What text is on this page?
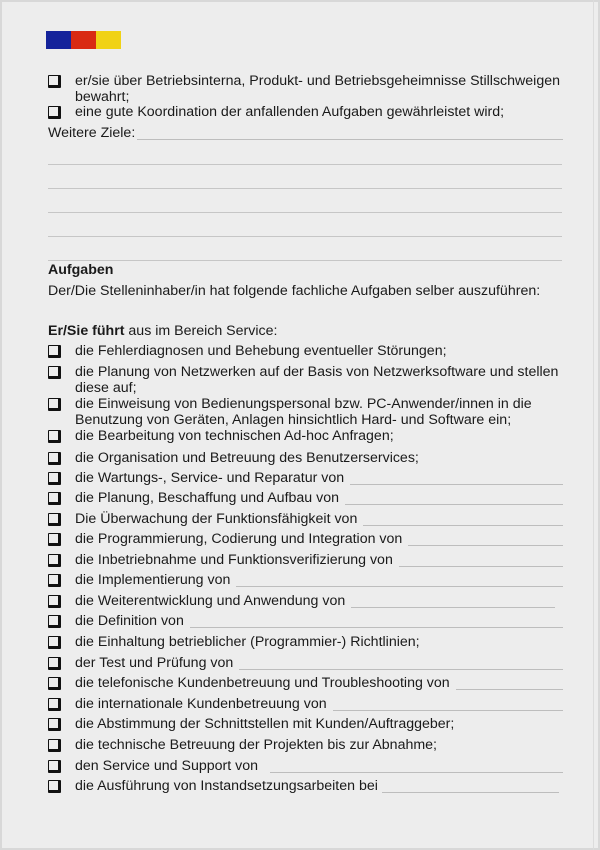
er/sie über Betriebsinterna, Produkt- und Betriebsgeheimnisse Stillschweigen
bewahrt;
eine gute Koordination der anfallenden Aufgaben gewährleistet wird;
Weitere Ziele:
Aufgaben
Der/Die Stelleninhaber/in hat folgende fachliche Aufgaben selber auszuführen:
Er/Sie führt aus im Bereich Service:
die Fehlerdiagnosen und Behebung eventueller Störungen;
die Planung von Netzwerken auf der Basis von Netzwerksoftware und stellen
diese auf;
die Einweisung von Bedienungspersonal bzw. PC-Anwender/innen in die
Benutzung von Geräten, Anlagen hinsichtlich Hard- und Software ein;
die Bearbeitung von technischen Ad-hoc Anfragen;
die Organisation und Betreuung des Benutzerservices;
die Wartungs-, Service- und Reparatur von
die Planung, Beschaffung und Aufbau von
Die Überwachung der Funktionsfähigkeit von
die Programmierung, Codierung und Integration von
die Inbetriebnahme und Funktionsverifizierung von
die Implementierung von
die Weiterentwicklung und Anwendung von
die Definition von
die Einhaltung betrieblicher (Programmier-) Richtlinien;
der Test und Prüfung von
die telefonische Kundenbetreuung und Troubleshooting von
die internationale Kundenbetreuung von
die Abstimmung der Schnittstellen mit Kunden/Auftraggeber;
die technische Betreuung der Projekten bis zur Abnahme;
den Service und Support von
die Ausführung von Instandsetzungsarbeiten bei
